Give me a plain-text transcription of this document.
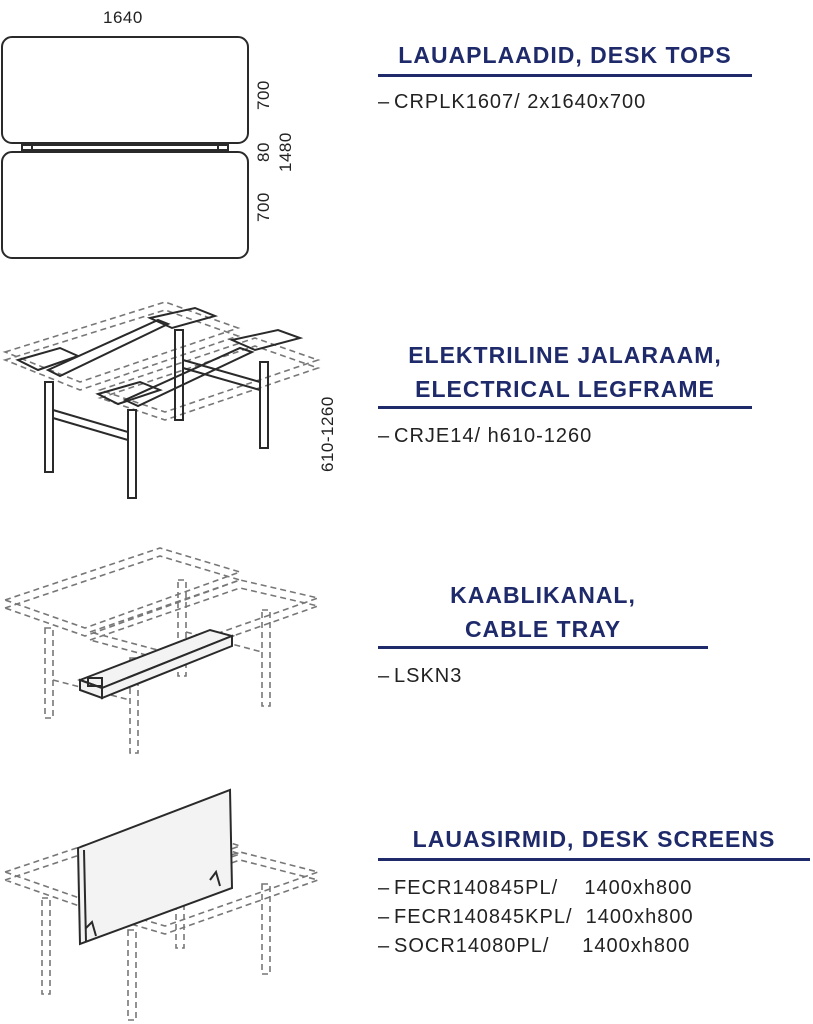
1640
700
80 1480
700
LAUAPLAADID, DESK TOPS
– CRPLK1607/ 2x1640x700
610-1260
ELEKTRILINE JALARAAM,
ELECTRICAL LEGFRAME
– CRJE14/ h610-1260
KAABLIKANAL,
CABLE TRAY
– LSKN3
LAUASIRMID, DESK SCREENS
– FECR140845PL/    1400xh800
– FECR140845KPL/  1400xh800
– SOCR14080PL/     1400xh800
